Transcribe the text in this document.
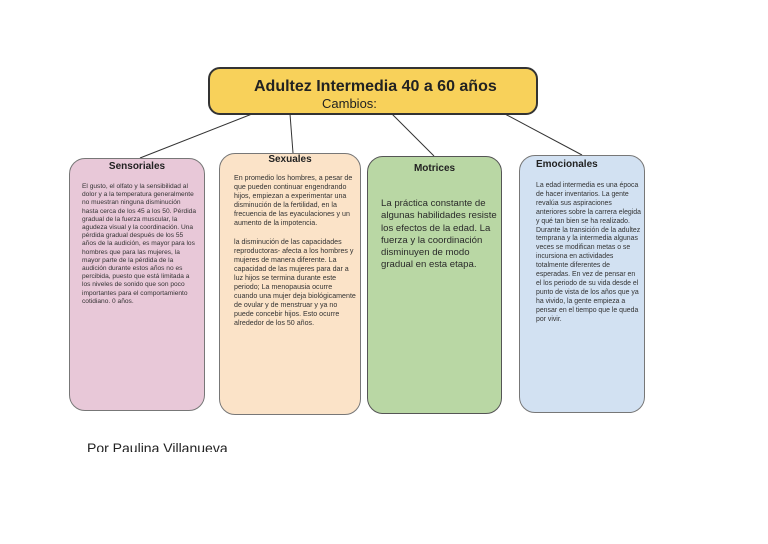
Adultez Intermedia 40 a 60 años
Cambios:
Sensoriales
El gusto, el olfato y la sensibilidad al dolor y a la temperatura generalmente no muestran ninguna disminución hasta cerca de los 45 a los 50. Pérdida gradual de la fuerza muscular, la agudeza visual y la coordinación. Una pérdida gradual después de los 55 años de la audición, es mayor para los hombres que para las mujeres, la mayor parte de la pérdida de la audición durante estos años no es percibida, puesto que está limitada a los niveles de sonido que son poco importantes para el comportamiento cotidiano. 0 años.
Sexuales
En promedio los hombres, a pesar de que pueden continuar engendrando hijos, empiezan a experimentar una disminución de la fertilidad, en la frecuencia de las eyaculaciones y un aumento de la impotencia.
la disminución de las capacidades reproductoras- afecta a los hombres y mujeres de manera diferente. La capacidad de las mujeres para dar a luz hijos se termina durante este periodo; La menopausia ocurre cuando una mujer deja biológicamente de ovular y de menstruar y ya no puede concebir hijos. Esto ocurre alrededor de los 50 años.
Motrices
La práctica constante de algunas habilidades resiste los efectos de la edad. La fuerza y la coordinación disminuyen de modo gradual en esta etapa.
Emocionales
La edad intermedia es una época de hacer inventarios. La gente revalúa sus aspiraciones anteriores sobre la carrera elegida y qué tan bien se ha realizado. Durante la transición de la adultez temprana y la intermedia algunas veces se modifican metas o se incursiona en actividades totalmente diferentes de esperadas. En vez de pensar en el los periodo de su vida desde el punto de vista de los años que ya ha vivido, la gente empieza a pensar en el tiempo que le queda por vivir.
Por Paulina Villanueva
